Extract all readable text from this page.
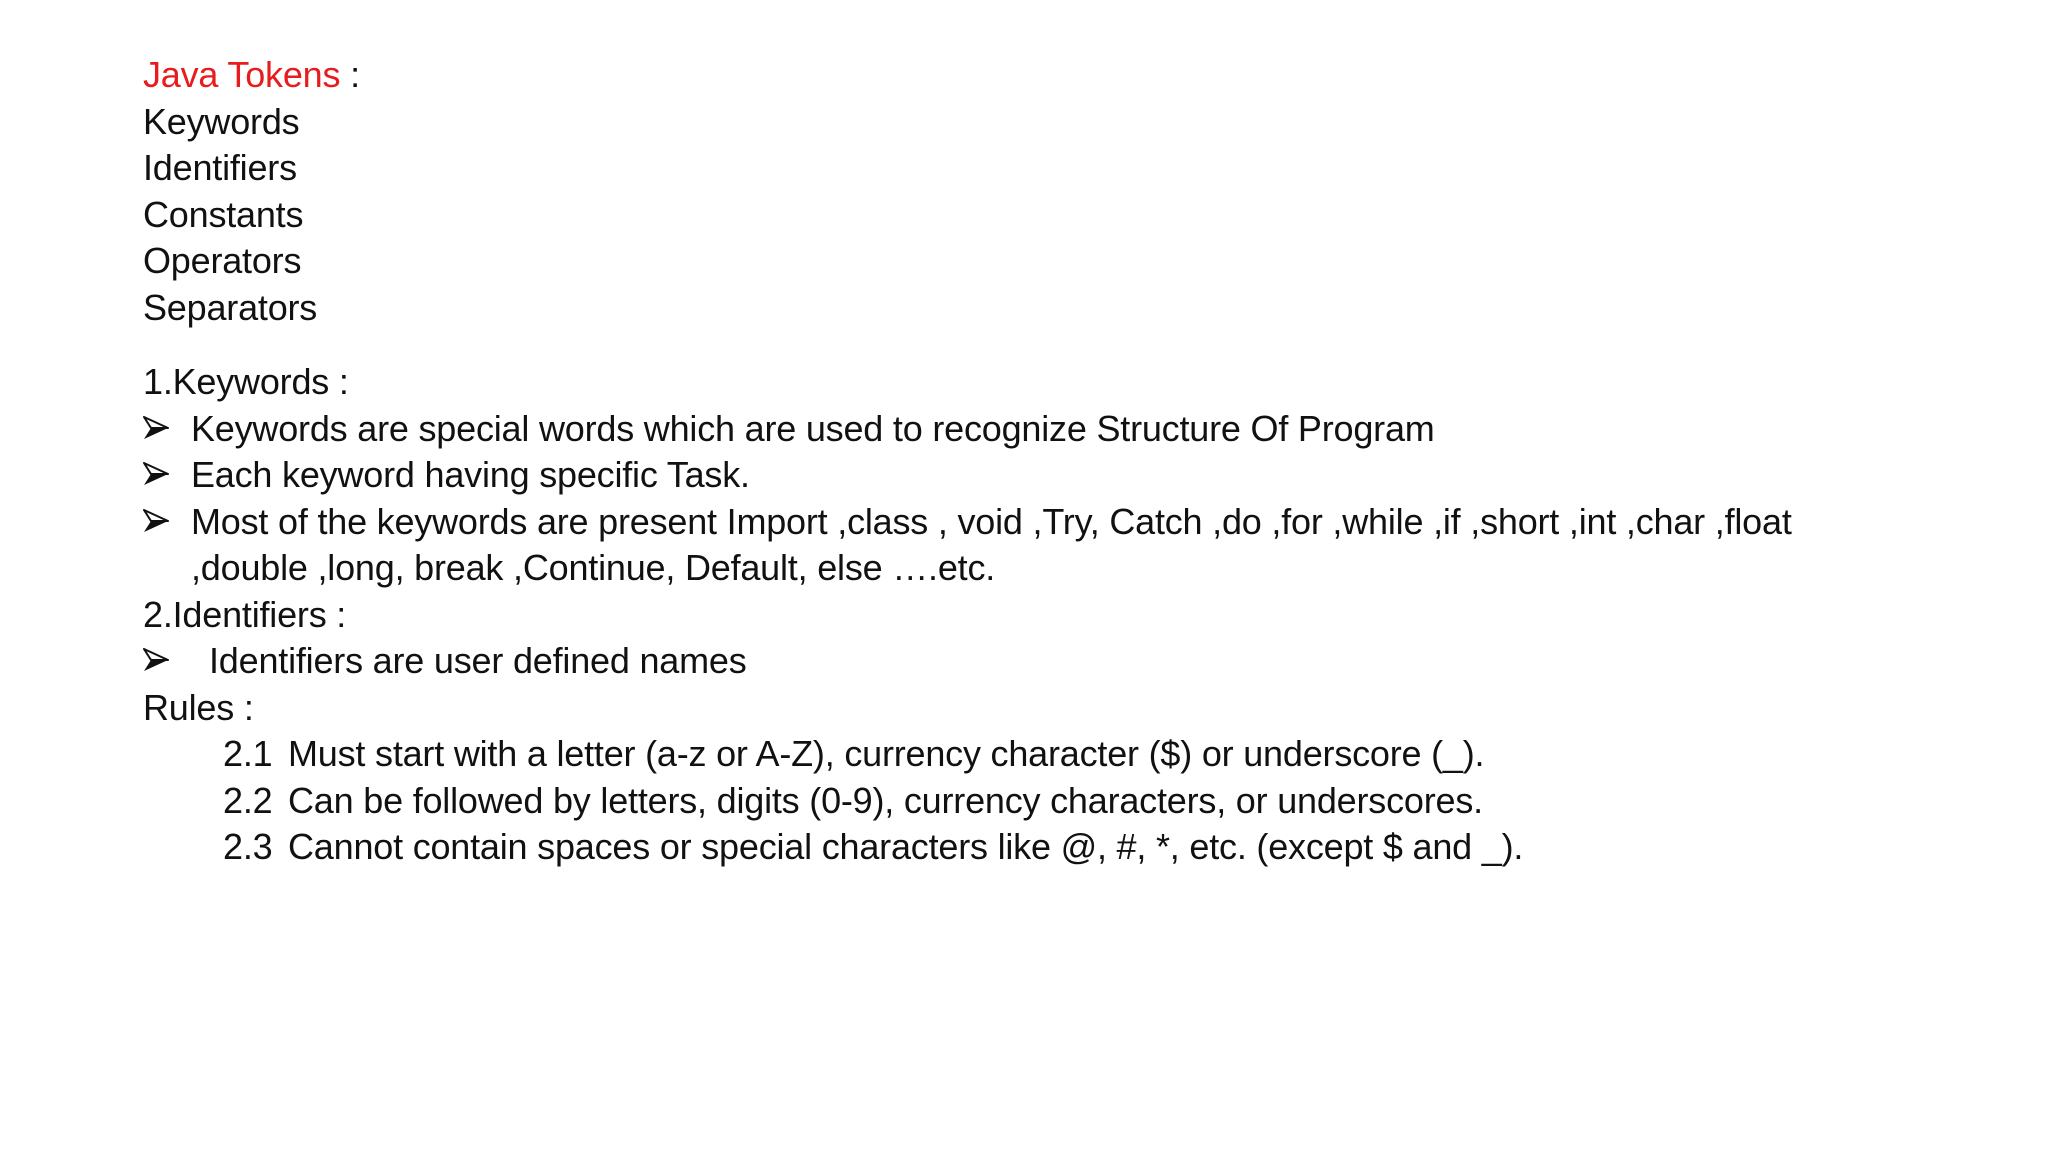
Java Tokens :
Keywords
Identifiers
Constants
Operators
Separators
1.Keywords :
Keywords are special words which are used to recognize Structure Of Program
Each keyword having specific Task.
Most of the keywords are present Import ,class , void ,Try, Catch ,do ,for ,while ,if ,short ,int ,char ,float
,double ,long, break ,Continue, Default, else ….etc.
2.Identifiers :
Identifiers are user defined names
Rules :
2.1 Must start with a letter (a-z or A-Z), currency character ($) or underscore (_).
2.2 Can be followed by letters, digits (0-9), currency characters, or underscores.
2.3 Cannot contain spaces or special characters like @, #, *, etc. (except $ and _).
